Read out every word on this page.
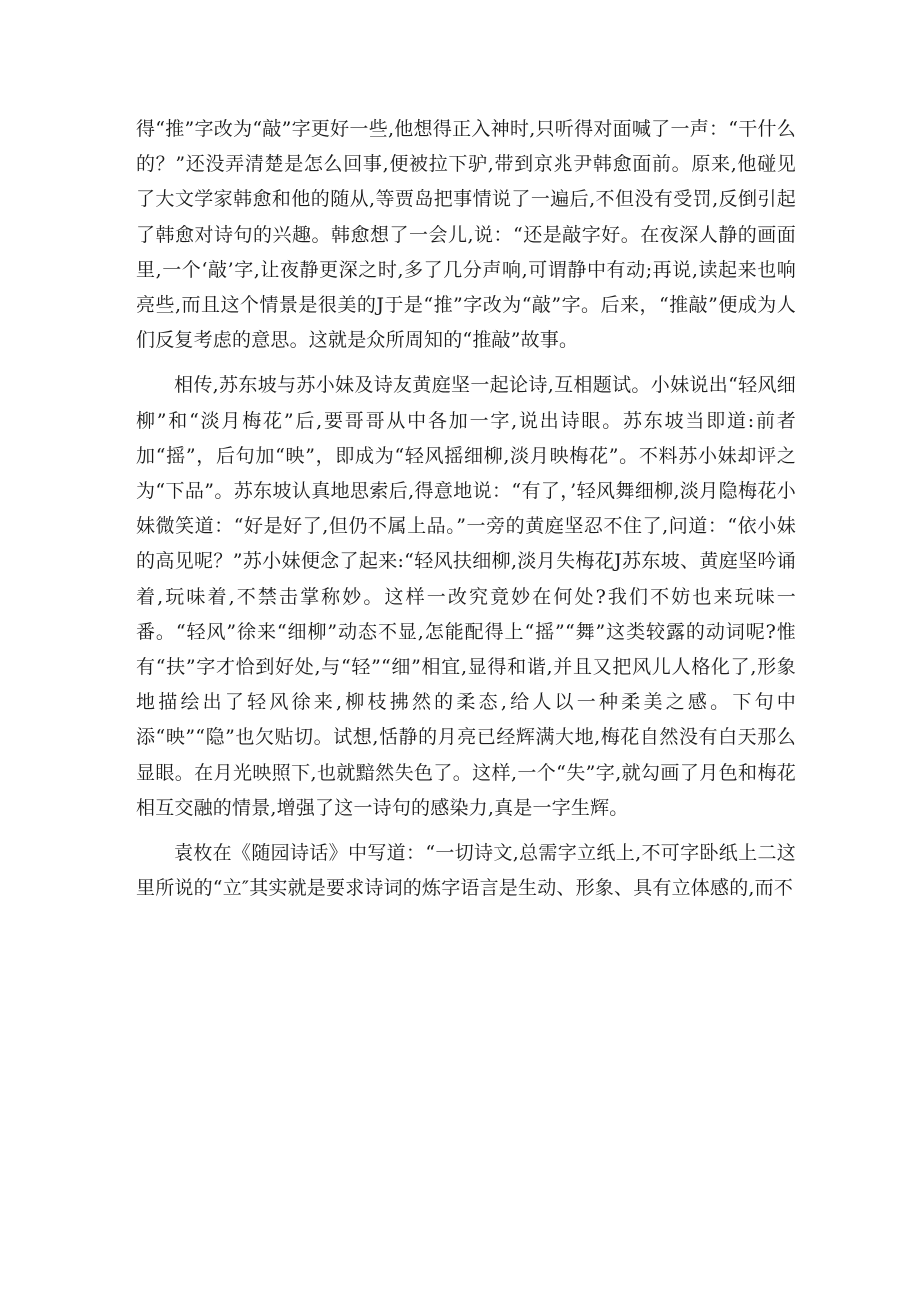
得“推”字改为“敲”字更好一些,他想得正入神时,只听得对面喊了一声：“干什么的？”还没弄清楚是怎么回事,便被拉下驴,带到京兆尹韩愈面前。原来,他碰见了大文学家韩愈和他的随从,等贾岛把事情说了一遍后,不但没有受罚,反倒引起了韩愈对诗句的兴趣。韩愈想了一会儿,说：“还是敲字好。在夜深人静的画面里,一个‘敲’字,让夜静更深之时,多了几分声响,可谓静中有动;再说,读起来也响亮些,而且这个情景是很美的J于是“推”字改为“敲”字。后来，“推敲”便成为人们反复考虑的意思。这就是众所周知的“推敲”故事。

相传,苏东坡与苏小妹及诗友黄庭坚一起论诗,互相题试。小妹说出“轻风细柳”和“淡月梅花”后,要哥哥从中各加一字,说出诗眼。苏东坡当即道:前者加“摇”，后句加“映”，即成为“轻风摇细柳,淡月映梅花”。不料苏小妹却评之为“下品”。苏东坡认真地思索后,得意地说：“有了，’轻风舞细柳,淡月隐梅花小妹微笑道：“好是好了,但仍不属上品。”一旁的黄庭坚忍不住了,问道：“依小妹的高见呢？”苏小妹便念了起来:“轻风扶细柳,淡月失梅花J苏东坡、黄庭坚吟诵着,玩味着,不禁击掌称妙。这样一改究竟妙在何处?我们不妨也来玩味一番。“轻风”徐来“细柳”动态不显,怎能配得上“摇”“舞”这类较露的动词呢?惟有“扶”字才恰到好处,与“轻”“细”相宜,显得和谐,并且又把风儿人格化了,形象地描绘出了轻风徐来,柳枝拂然的柔态,给人以一种柔美之感。下句中添“映”“隐”也欠贴切。试想,恬静的月亮已经辉满大地,梅花自然没有白天那么显眼。在月光映照下,也就黯然失色了。这样,一个“失”字,就勾画了月色和梅花相互交融的情景,增强了这一诗句的感染力,真是一字生辉。

袁枚在《随园诗话》中写道：“一切诗文,总需字立纸上,不可字卧纸上二这里所说的“立″其实就是要求诗词的炼字语言是生动、形象、具有立体感的,而不
